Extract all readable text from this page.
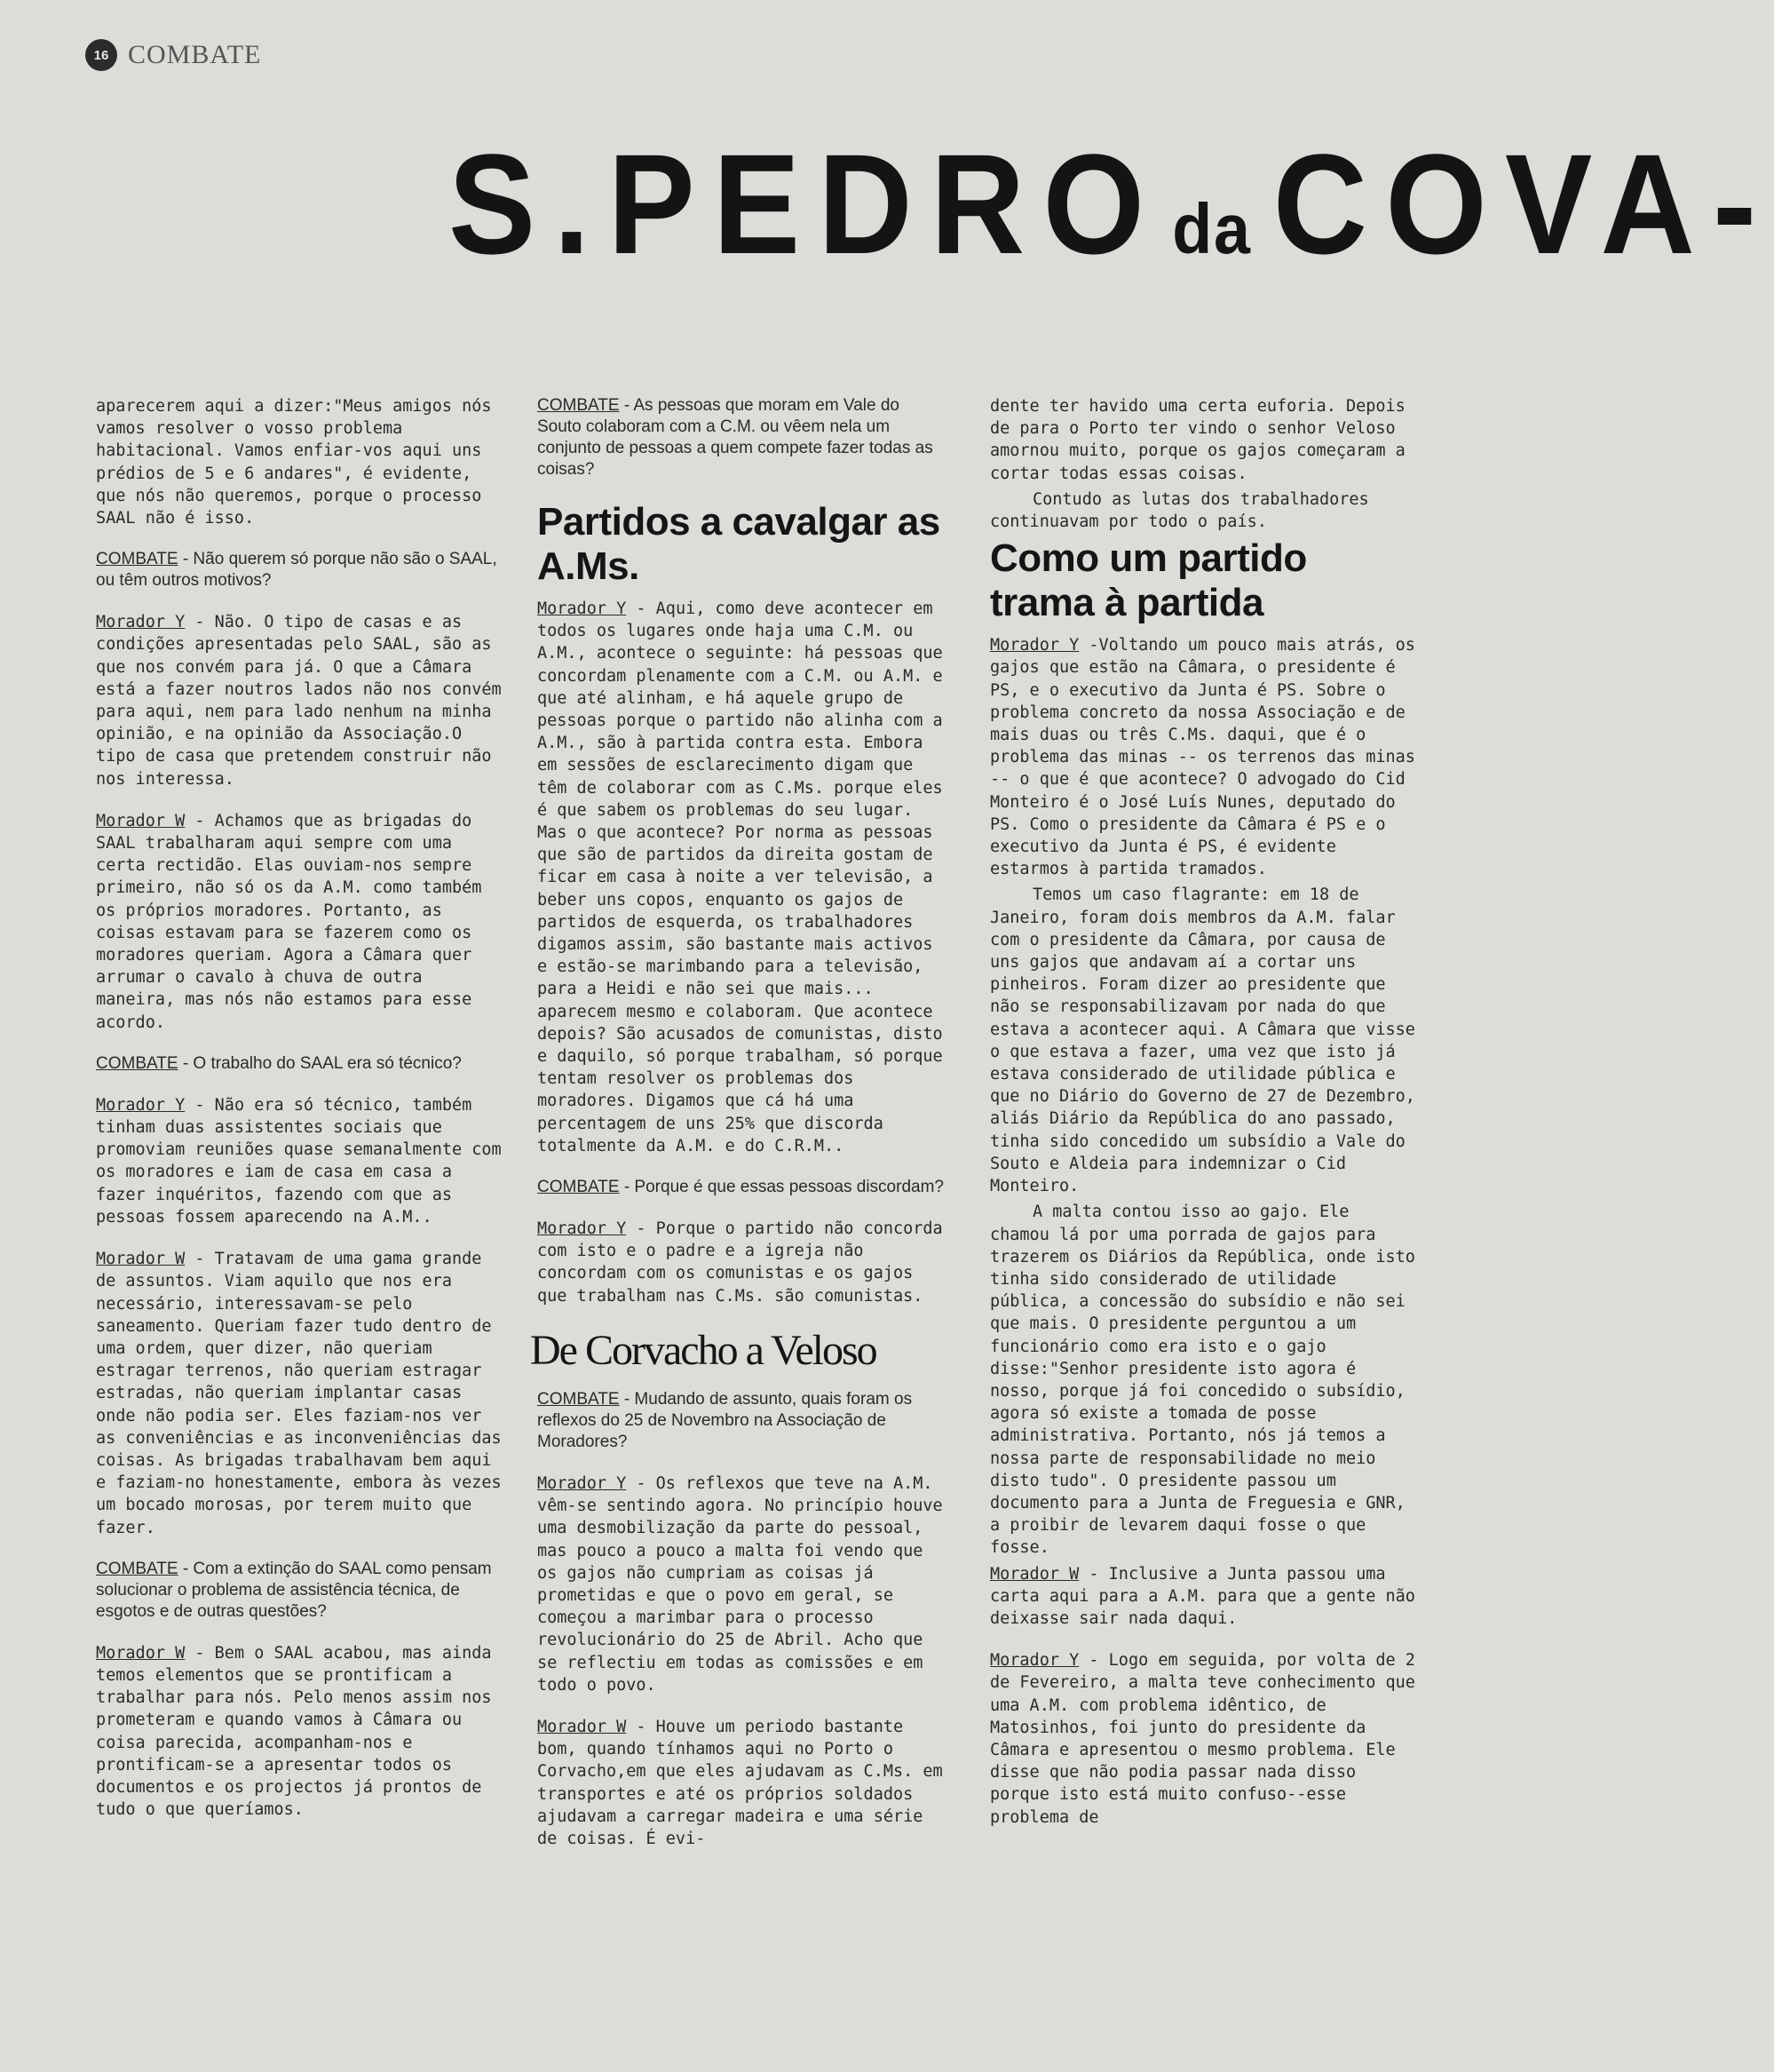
16 COMBATE
S.PEDRO da COVA-

aparecerem aqui a dizer:"Meus amigos nós vamos resolver o vosso problema habitacional. Vamos enfiar-vos aqui uns prédios de 5 e 6 andares", é evidente, que nós não queremos, porque o processo SAAL não é isso.

COMBATE - Não querem só porque não são o SAAL, ou têm outros motivos?

Morador Y - Não. O tipo de casas e as condições apresentadas pelo SAAL, são as que nos convém para já. O que a Câmara está a fazer noutros lados não nos convém para aqui, nem para lado nenhum na minha opinião, e na opinião da Associação.O tipo de casa que pretendem construir não nos interessa.

Morador W - Achamos que as brigadas do SAAL trabalharam aqui sempre com uma certa rectidão. Elas ouviam-nos sempre primeiro, não só os da A.M. como também os próprios moradores. Portanto, as coisas estavam para se fazerem como os moradores queriam. Agora a Câmara quer arrumar o cavalo à chuva de outra maneira, mas nós não estamos para esse acordo.

COMBATE - O trabalho do SAAL era só técnico?

Morador Y - Não era só técnico, também tinham duas assistentes sociais que promoviam reuniões quase semanalmente com os moradores e iam de casa em casa a fazer inquéritos, fazendo com que as pessoas fossem aparecendo na A.M..

Morador W - Tratavam de uma gama grande de assuntos. Viam aquilo que nos era necessário, interessavam-se pelo saneamento. Queriam fazer tudo dentro de uma ordem, quer dizer, não queriam estragar terrenos, não queriam estragar estradas, não queriam implantar casas onde não podia ser. Eles faziam-nos ver as conveniências e as inconveniências das coisas. As brigadas trabalhavam bem aqui e faziam-no honestamente, embora às vezes um bocado morosas, por terem muito que fazer.

COMBATE - Com a extinção do SAAL como pensam solucionar o problema de assistência técnica, de esgotos e de outras questões?

Morador W - Bem o SAAL acabou, mas ainda temos elementos que se prontificam a trabalhar para nós. Pelo menos assim nos prometeram e quando vamos à Câmara ou coisa parecida, acompanham-nos e prontificam-se a apresentar todos os documentos e os projectos já prontos de tudo o que queríamos.

COMBATE - As pessoas que moram em Vale do Souto colaboram com a C.M. ou vêem nela um conjunto de pessoas a quem compete fazer todas as coisas?

Partidos a cavalgar as A.Ms.

Morador Y - Aqui, como deve acontecer em todos os lugares onde haja uma C.M. ou A.M., acontece o seguinte: há pessoas que concordam plenamente com a C.M. ou A.M. e que até alinham, e há aquele grupo de pessoas porque o partido não alinha com a A.M., são à partida contra esta. Embora em sessões de esclarecimento digam que têm de colaborar com as C.Ms. porque eles é que sabem os problemas do seu lugar. Mas o que acontece? Por norma as pessoas que são de partidos da direita gostam de ficar em casa à noite a ver televisão, a beber uns copos, enquanto os gajos de partidos de esquerda, os trabalhadores digamos assim, são bastante mais activos e estão-se marimbando para a televisão, para a Heidi e não sei que mais... aparecem mesmo e colaboram. Que acontece depois? São acusados de comunistas, disto e daquilo, só porque trabalham, só porque tentam resolver os problemas dos moradores. Digamos que cá há uma percentagem de uns 25% que discorda totalmente da A.M. e do C.R.M..

COMBATE - Porque é que essas pessoas discordam?

Morador Y - Porque o partido não concorda com isto e o padre e a igreja não concordam com os comunistas e os gajos que trabalham nas C.Ms. são comunistas.

De Corvacho a Velosо

COMBATE - Mudando de assunto, quais foram os reflexos do 25 de Novembro na Associação de Moradores?

Morador Y - Os reflexos que teve na A.M. vêm-se sentindo agora. No princípio houve uma desmobilização da parte do pessoal, mas pouco a pouco a malta foi vendo que os gajos não cumpriam as coisas já prometidas e que o povo em geral, se começou a marimbar para o processo revolucionário do 25 de Abril. Acho que se reflectiu em todas as comissões e em todo o povo.

Morador W - Houve um periodo bastante bom, quando tínhamos aqui no Porto o Corvacho,em que eles ajudavam as C.Ms. em transportes e até os próprios soldados ajudavam a carregar madeira e uma série de coisas. É evi-

dente ter havido uma certa euforia. Depois de para o Porto ter vindo o senhor Veloso amornou muito, porque os gajos começaram a cortar todas essas coisas.

Contudo as lutas dos trabalhadores continuavam por todo o país.

Como um partido trama à partida

Morador Y -Voltando um pouco mais atrás, os gajos que estão na Câmara, o presidente é PS, e o executivo da Junta é PS. Sobre o problema concreto da nossa Associação e de mais duas ou três C.Ms. daqui, que é o problema das minas -- os terrenos das minas -- o que é que acontece? O advogado do Cid Monteiro é o José Luís Nunes, deputado do PS. Como o presidente da Câmara é PS e o executivo da Junta é PS, é evidente estarmos à partida tramados.

Temos um caso flagrante: em 18 de Janeiro, foram dois membros da A.M. falar com o presidente da Câmara, por causa de uns gajos que andavam aí a cortar uns pinheiros. Foram dizer ao presidente que não se responsabilizavam por nada do que estava a acontecer aqui. A Câmara que visse o que estava a fazer, uma vez que isto já estava considerado de utilidade pública e que no Diário do Governo de 27 de Dezembro, aliás Diário da República do ano passado, tinha sido concedido um subsídio a Vale do Souto e Aldeia para indemnizar o Cid Monteiro.

A malta contou isso ao gajo. Ele chamou lá por uma porrada de gajos para trazerem os Diários da República, onde isto tinha sido considerado de utilidade pública, a concessão do subsídio e não sei que mais. O presidente perguntou a um funcionário como era isto e o gajo disse:"Senhor presidente isto agora é nosso, porque já foi concedido o subsídio, agora só existe a tomada de posse administrativa. Portanto, nós já temos a nossa parte de responsabilidade no meio disto tudo". O presidente passou um documento para a Junta de Freguesia e GNR, a proibir de levarem daqui fosse o que fosse.

Morador W - Inclusive a Junta passou uma carta aqui para a A.M. para que a gente não deixasse sair nada daqui.

Morador Y - Logo em seguida, por volta de 2 de Fevereiro, a malta teve conhecimento que uma A.M. com problema idêntico, de Matosinhos, foi junto do presidente da Câmara e apresentou o mesmo problema. Ele disse que não podia passar nada disso porque isto está muito confuso--esse problema de
